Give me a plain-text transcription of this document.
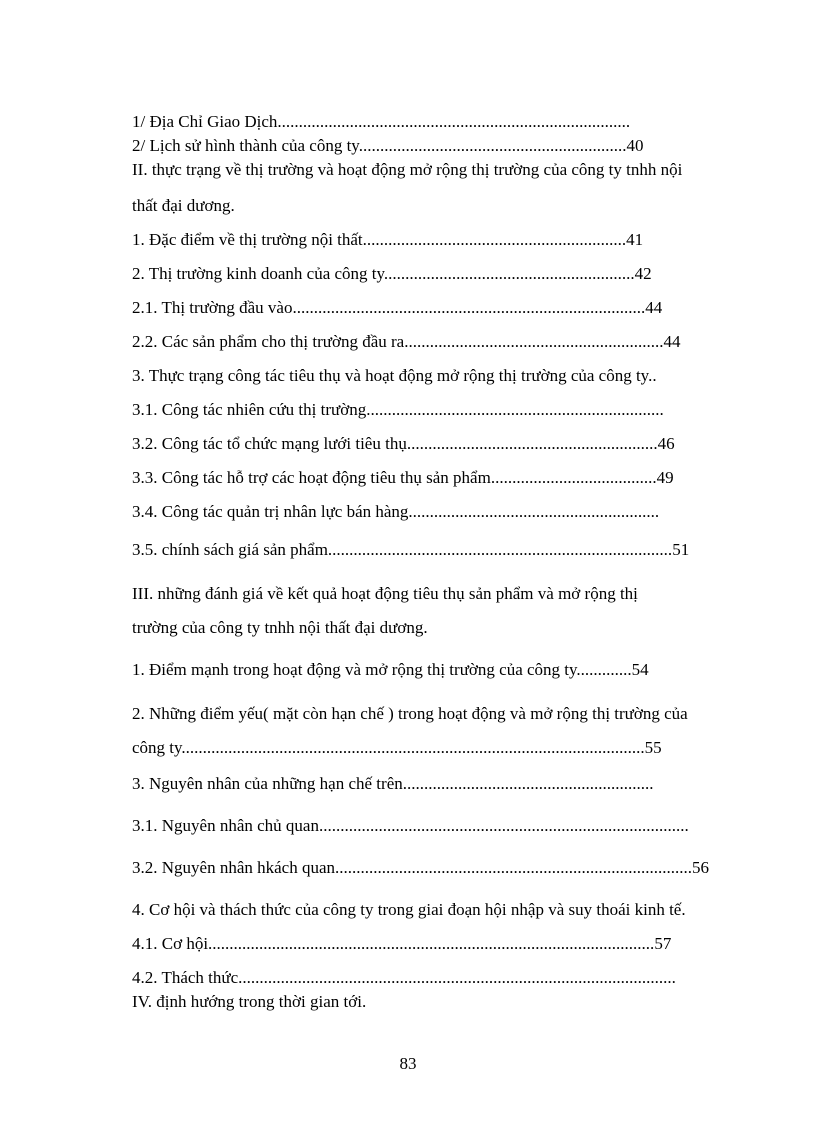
1/ Địa Chỉ Giao Dịch...................................................................................
2/ Lịch sử hình thành của công ty...............................................................40
II. thực trạng về thị trường và hoạt động mở rộng thị trường của công ty tnhh nội
thất đại dương.
1. Đặc điểm về thị trường nội thất..............................................................41
2. Thị trường kinh doanh của công ty...........................................................42
2.1. Thị trường đầu vào...................................................................................44
2.2. Các sản phẩm cho thị trường đầu ra.............................................................44
3. Thực trạng công tác tiêu thụ và hoạt động mở rộng thị trường của công ty..
3.1. Công tác nhiên cứu thị trường......................................................................
3.2. Công tác tổ chức mạng lưới tiêu thụ...........................................................46
3.3. Công tác hỗ trợ các hoạt động tiêu thụ sản phẩm.......................................49
3.4. Công tác quản trị nhân lực bán hàng...........................................................
3.5. chính sách giá sản phẩm.................................................................................51
III. những đánh giá về kết quả hoạt động tiêu thụ sản phẩm và mở rộng thị
trường của công ty tnhh nội thất đại dương.
1. Điểm mạnh trong hoạt động và mở rộng thị trường của công ty.............54
2. Những điểm yếu( mặt còn hạn chế ) trong hoạt động và mở rộng thị trường của
công ty.............................................................................................................55
3. Nguyên nhân của những hạn chế trên...........................................................
3.1. Nguyên nhân chủ quan.......................................................................................
3.2. Nguyên nhân hkách quan....................................................................................56
4. Cơ hội và thách thức của công ty trong giai đoạn hội nhập và suy thoái kinh tế.
4.1. Cơ hội.........................................................................................................57
4.2. Thách thức.......................................................................................................
IV. định hướng trong thời gian tới.
83
